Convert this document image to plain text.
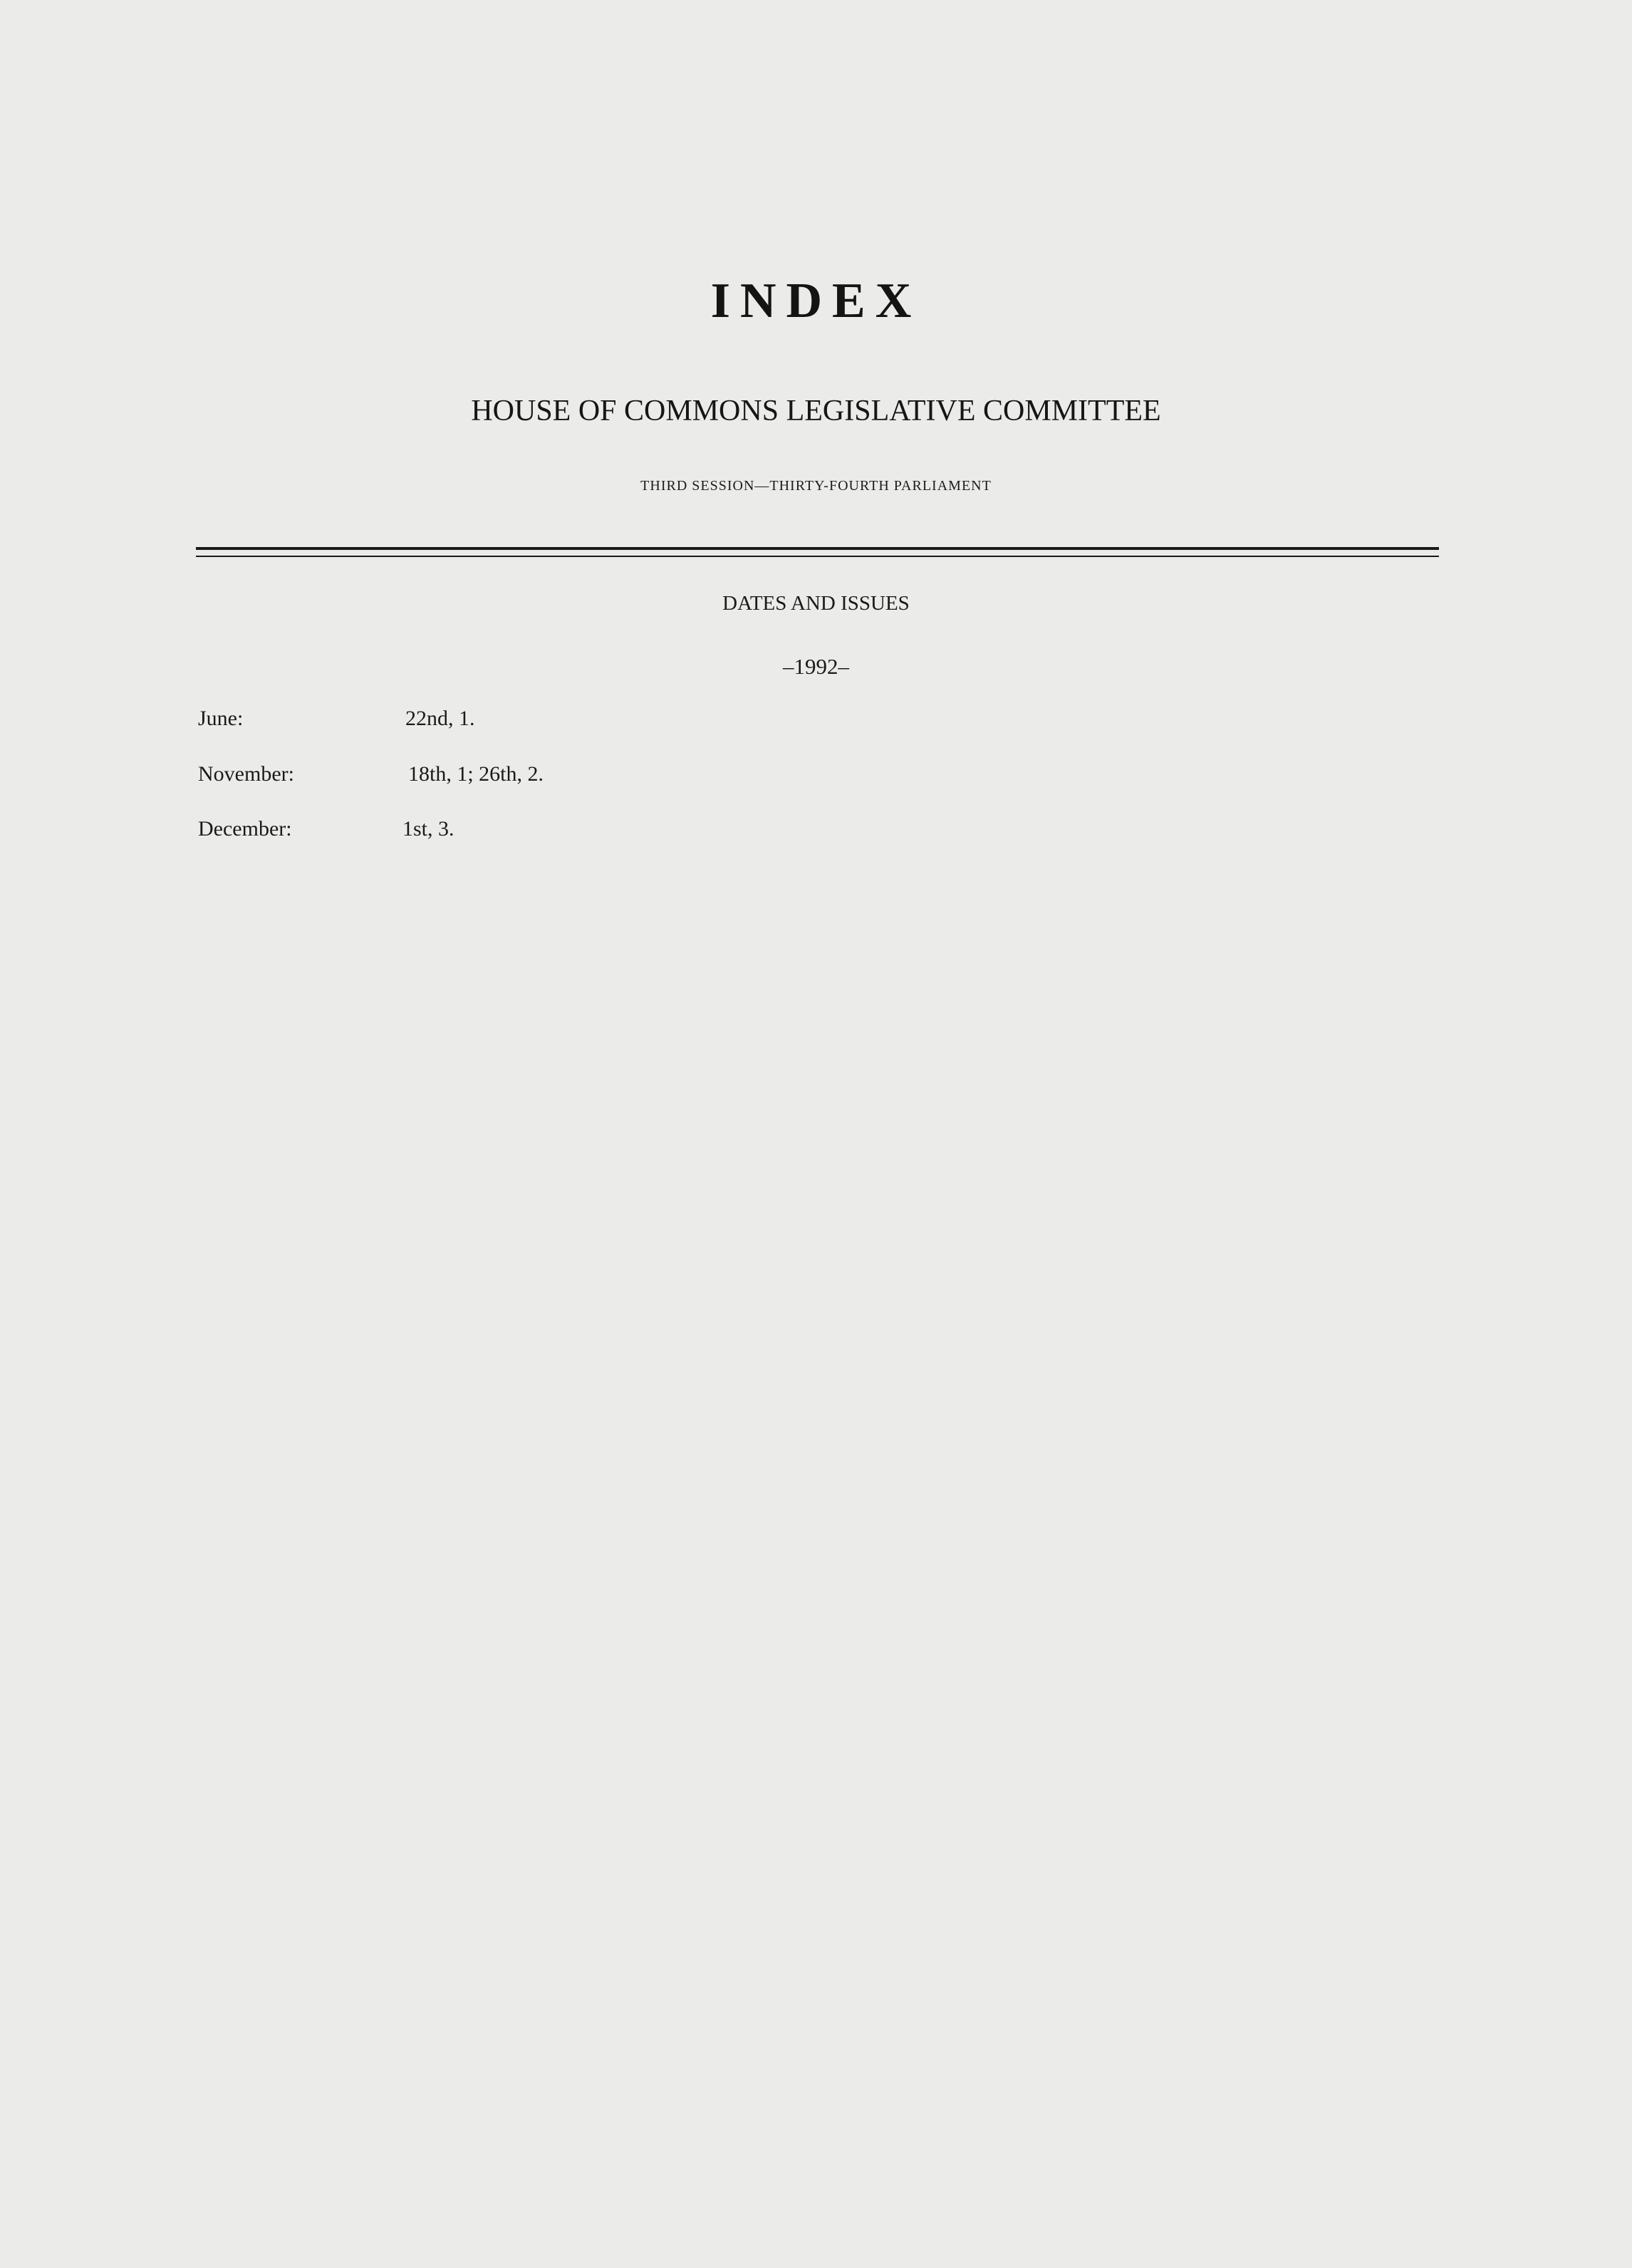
INDEX
HOUSE OF COMMONS LEGISLATIVE COMMITTEE
THIRD SESSION—THIRTY-FOURTH PARLIAMENT
DATES AND ISSUES
–1992–
June:	22nd, 1.
November:	18th, 1; 26th, 2.
December:	1st, 3.
